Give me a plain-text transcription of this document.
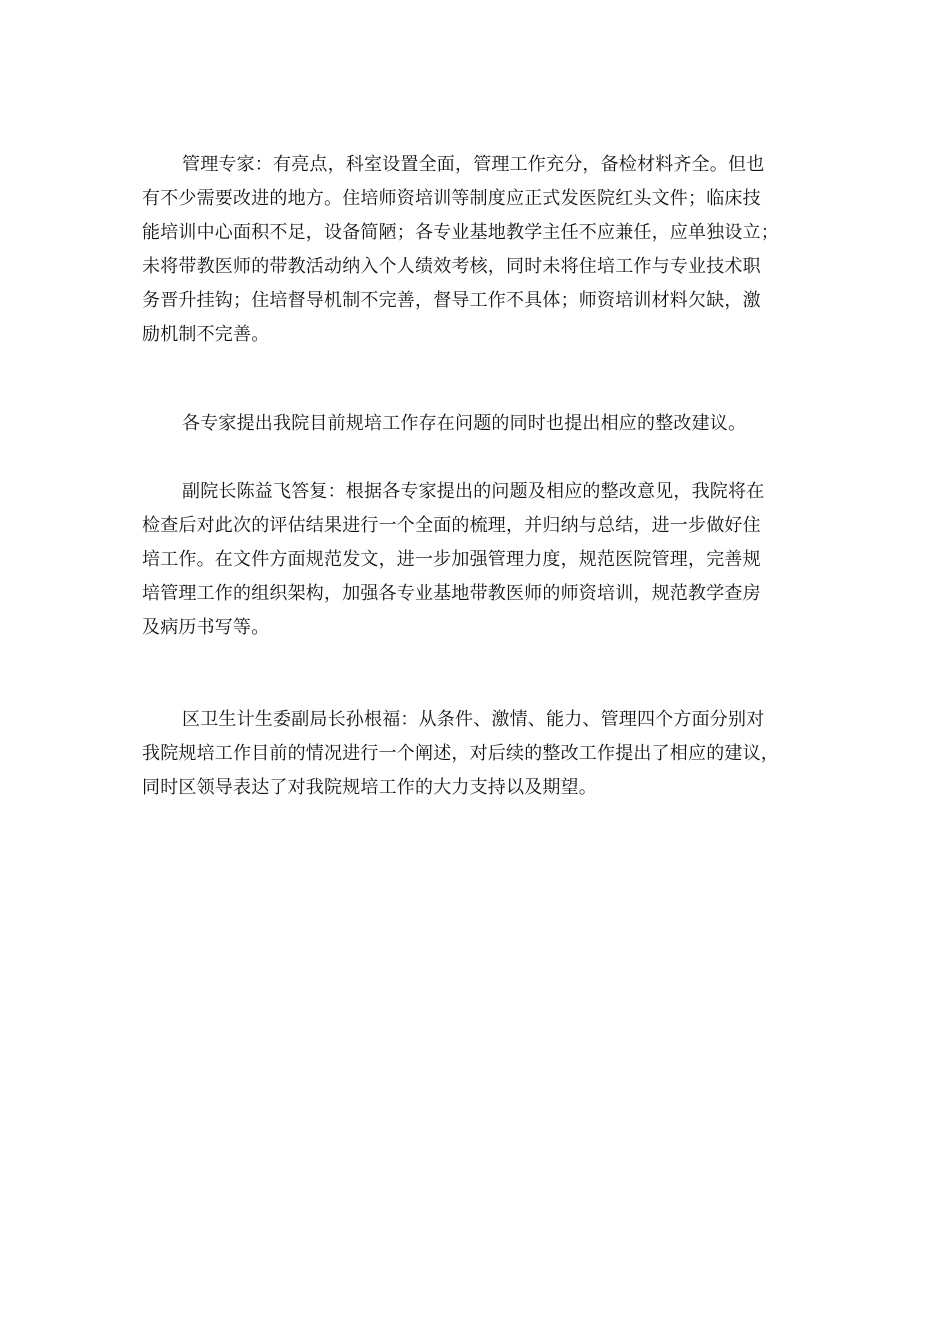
管理专家：有亮点，科室设置全面，管理工作充分，备检材料齐全。但也
有不少需要改进的地方。住培师资培训等制度应正式发医院红头文件；临床技
能培训中心面积不足，设备简陋；各专业基地教学主任不应兼任，应单独设立；
未将带教医师的带教活动纳入个人绩效考核，同时未将住培工作与专业技术职
务晋升挂钩；住培督导机制不完善，督导工作不具体；师资培训材料欠缺，激
励机制不完善。

各专家提出我院目前规培工作存在问题的同时也提出相应的整改建议。

副院长陈益飞答复：根据各专家提出的问题及相应的整改意见，我院将在
检查后对此次的评估结果进行一个全面的梳理，并归纳与总结，进一步做好住
培工作。在文件方面规范发文，进一步加强管理力度，规范医院管理，完善规
培管理工作的组织架构，加强各专业基地带教医师的师资培训，规范教学查房
及病历书写等。

区卫生计生委副局长孙根福：从条件、激情、能力、管理四个方面分别对
我院规培工作目前的情况进行一个阐述，对后续的整改工作提出了相应的建议，
同时区领导表达了对我院规培工作的大力支持以及期望。
